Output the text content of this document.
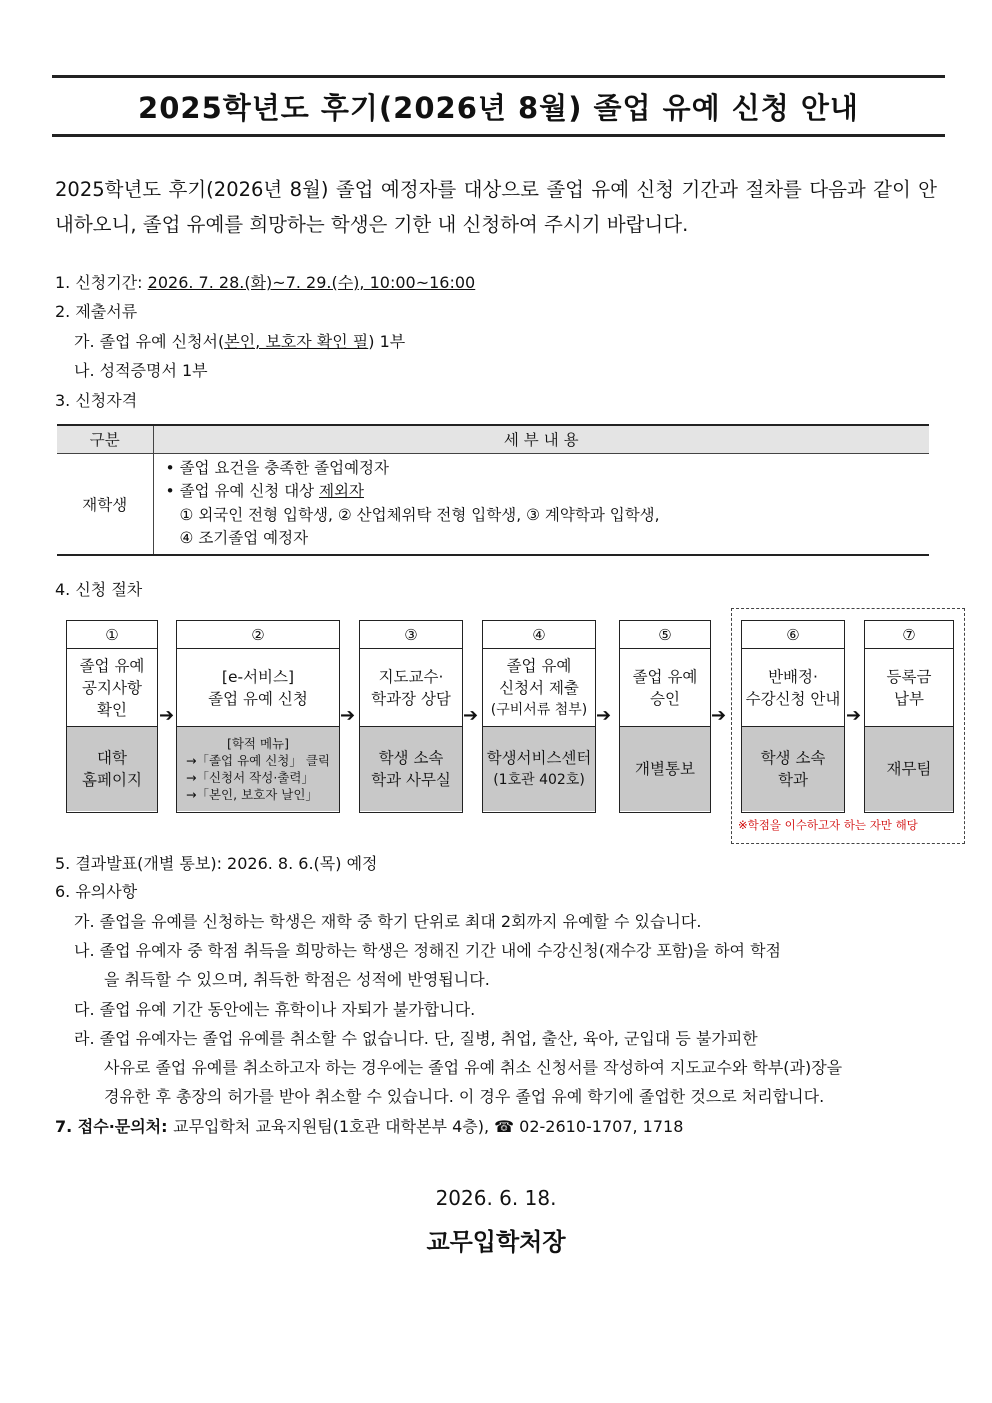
2025학년도 후기(2026년 8월) 졸업 유예 신청 안내
2025학년도 후기(2026년 8월) 졸업 예정자를 대상으로 졸업 유예 신청 기간과 절차를 다음과 같이 안내하오니, 졸업 유예를 희망하는 학생은 기한 내 신청하여 주시기 바랍니다.
1. 신청기간: 2026. 7. 28.(화)~7. 29.(수), 10:00~16:00
2. 제출서류
가. 졸업 유예 신청서(본인, 보호자 확인 필) 1부
나. 성적증명서 1부
3. 신청자격
구분	세 부 내 용
재학생	• 졸업 요건을 충족한 졸업예정자
• 졸업 유예 신청 대상 제외자
① 외국인 전형 입학생, ② 산업체위탁 전형 입학생, ③ 계약학과 입학생,
④ 조기졸업 예정자
4. 신청 절차
①
졸업 유예
공지사항
확인
대학
홈페이지
②
[e-서비스]
졸업 유예 신청
[학적 메뉴]
→「졸업 유예 신청」 클릭
→「신청서 작성·출력」
→「본인, 보호자 날인」
③
지도교수·
학과장 상담
학생 소속
학과 사무실
④
졸업 유예
신청서 제출
(구비서류 첨부)
학생서비스센터
(1호관 402호)
⑤
졸업 유예
승인
개별통보
⑥
반배정·
수강신청 안내
학생 소속
학과
⑦
등록금
납부
재무팀
➔	➔	➔	➔	➔	➔
※학점을 이수하고자 하는 자만 해당
5. 결과발표(개별 통보): 2026. 8. 6.(목) 예정
6. 유의사항
가. 졸업을 유예를 신청하는 학생은 재학 중 학기 단위로 최대 2회까지 유예할 수 있습니다.
나. 졸업 유예자 중 학점 취득을 희망하는 학생은 정해진 기간 내에 수강신청(재수강 포함)을 하여 학점
을 취득할 수 있으며, 취득한 학점은 성적에 반영됩니다.
다. 졸업 유예 기간 동안에는 휴학이나 자퇴가 불가합니다.
라. 졸업 유예자는 졸업 유예를 취소할 수 없습니다. 단, 질병, 취업, 출산, 육아, 군입대 등 불가피한
사유로 졸업 유예를 취소하고자 하는 경우에는 졸업 유예 취소 신청서를 작성하여 지도교수와 학부(과)장을
경유한 후 총장의 허가를 받아 취소할 수 있습니다. 이 경우 졸업 유예 학기에 졸업한 것으로 처리합니다.
7. 접수·문의처: 교무입학처 교육지원팀(1호관 대학본부 4층), ☎ 02-2610-1707, 1718
2026. 6. 18.
교무입학처장
